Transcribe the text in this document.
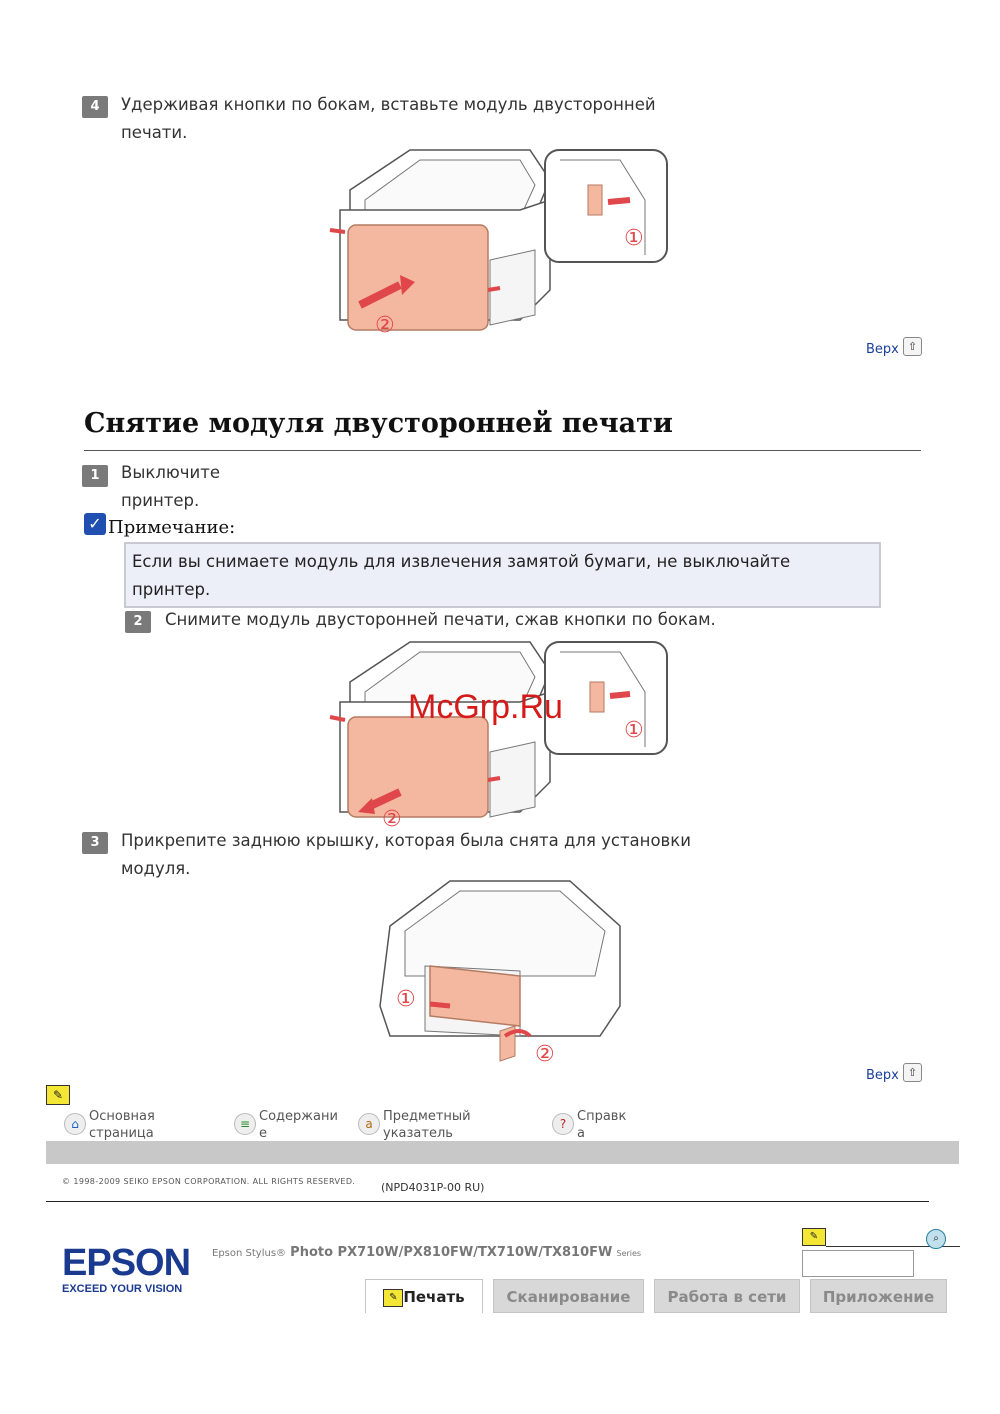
4	Удерживая кнопки по бокам, вставьте модуль двусторонней
печати.
①
②
Верх ⇧
Снятие модуля двусторонней печати
1	Выключите
принтер.
✓ Примечание:
Если вы снимаете модуль для извлечения замятой бумаги, не выключайте
принтер.
2	Снимите модуль двусторонней печати, сжав кнопки по бокам.
①
②
McGrp.Ru
3	Прикрепите заднюю крышку, которая была снята для установки
модуля.
①
②
Верх ⇧
✎
⌂ Основная
страница
≡ Содержани
е
a Предметный
указатель
? Справк
а
© 1998-2009 SEIKO EPSON CORPORATION. ALL RIGHTS RESERVED. (NPD4031P-00 RU)
EPSON
EXCEED YOUR VISION
Epson Stylus® Photo PX710W/PX810FW/TX710W/TX810FW Series
✎	⌕
✎ Печать	Сканирование	Работа в сети	Приложение
